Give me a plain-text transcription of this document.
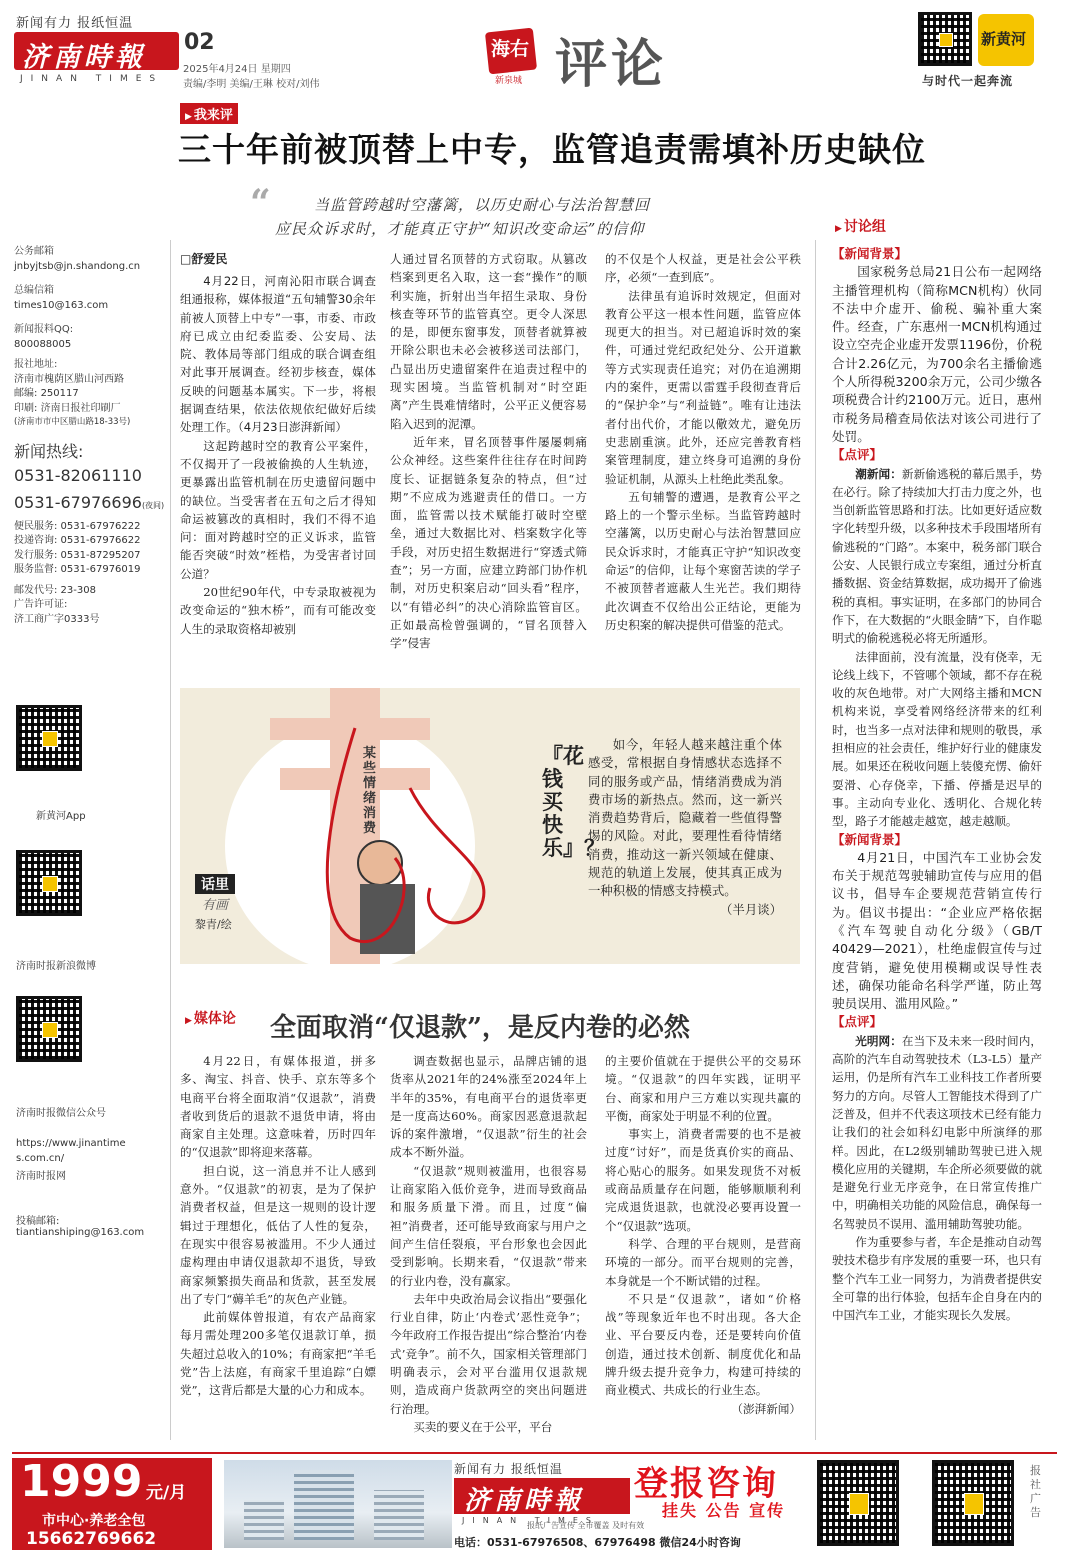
新闻有力 报纸恒温
济南時報
JINAN TIMES
02
2025年4月24日 星期四
责编/李明 美编/王琳 校对/刘伟
海右
新泉城 评论	新黄河
与时代一起奔流
▶ 我来评
三十年前被顶替上中专，监管追责需填补历史缺位
“	当监管跨越时空藩篱，以历史耐心与法治智慧回
应民众诉求时，才能真正守护“知识改变命运”的信仰
公务邮箱
jnbyjtsb@jn.shandong.cn
总编信箱
times10@163.com
新闻报料QQ:
800088005
报社地址:
济南市槐荫区腊山河西路
邮编: 250117
印刷: 济南日报社印刷厂
(济南市市中区腊山路18-33号)
新闻热线:
0531-82061110
0531-67976696(夜间)
便民服务: 0531-67976222
投递咨询: 0531-67976622
发行服务: 0531-87295207
服务监督: 0531-67976019
邮发代号: 23-308
广告许可证:
济工商广字0333号
新黄河App
济南时报新浪微博
济南时报微信公众号
https://www.jinantimes.com.cn/
济南时报网
投稿邮箱:
tiantianshiping@163.com
□舒爱民

4月22日，河南沁阳市联合调查组通报称，媒体报道“五旬辅警30余年前被人顶替上中专”一事，市委、市政府已成立由纪委监委、公安局、法院、教体局等部门组成的联合调查组对此事开展调查。经初步核查，媒体反映的问题基本属实。下一步，将根据调查结果，依法依规依纪做好后续处理工作。（4月23日澎湃新闻）

这起跨越时空的教育公平案件，不仅揭开了一段被偷换的人生轨迹，更暴露出监管机制在历史遗留问题中的缺位。当受害者在五旬之后才得知命运被篡改的真相时，我们不得不追问：面对跨越时空的正义诉求，监管能否突破“时效”桎梏，为受害者讨回公道？

20世纪90年代，中专录取被视为改变命运的“独木桥”，而有可能改变人生的录取资格却被别

人通过冒名顶替的方式窃取。从篡改档案到更名入取，这一套“操作”的顺利实施，折射出当年招生录取、身份核查等环节的监管真空。更令人深思的是，即便东窗事发，顶替者就算被开除公职也未必会被移送司法部门，凸显出历史遗留案件在追责过程中的现实困境。当监管机制对“时空距离”产生畏难情绪时，公平正义便容易陷入迟到的泥潭。

近年来，冒名顶替事件屡屡刺痛公众神经。这些案件往往存在时间跨度长、证据链条复杂的特点，但“过期”不应成为逃避责任的借口。一方面，监管需以技术赋能打破时空壁垒，通过大数据比对、档案数字化等手段，对历史招生数据进行“穿透式筛查”；另一方面，应建立跨部门协作机制，对历史积案启动“回头看”程序，以“有错必纠”的决心消除监管盲区。正如最高检曾强调的，“冒名顶替入学”侵害

的不仅是个人权益，更是社会公平秩序，必须“一查到底”。

法律虽有追诉时效规定，但面对教育公平这一根本性问题，监管应体现更大的担当。对已超追诉时效的案件，可通过党纪政纪处分、公开道歉等方式实现责任追究；对仍在追溯期内的案件，更需以雷霆手段彻查背后的“保护伞”与“利益链”。唯有让违法者付出代价，才能以儆效尤，避免历史悲剧重演。此外，还应完善教育档案管理制度，建立终身可追溯的身份验证机制，从源头上杜绝此类乱象。

五旬辅警的遭遇，是教育公平之路上的一个警示坐标。当监管跨越时空藩篱，以历史耐心与法治智慧回应民众诉求时，才能真正守护“知识改变命运”的信仰，让每个寒窗苦读的学子不被顶替者遮蔽人生光芒。我们期待此次调查不仅给出公正结论，更能为历史积案的解决提供可借鉴的范式。

某些情绪消费
话里
有画
黎青/绘
『花钱买快乐』？
如今，年轻人越来越注重个体感受，常根据自身情感状态选择不同的服务或产品，情绪消费成为消费市场的新热点。然而，这一新兴消费趋势背后，隐藏着一些值得警惕的风险。对此，要理性看待情绪消费，推动这一新兴领域在健康、规范的轨道上发展，使其真正成为一种积极的情感支持模式。
（半月谈）
▶ 媒体论 全面取消“仅退款”，是反内卷的必然

4月22日，有媒体报道，拼多多、淘宝、抖音、快手、京东等多个电商平台将全面取消“仅退款”，消费者收到货后的退款不退货申请，将由商家自主处理。这意味着，历时四年的“仅退款”即将迎来落幕。

担白说，这一消息并不让人感到意外。“仅退款”的初衷，是为了保护消费者权益，但是这一规则的设计逻辑过于理想化，低估了人性的复杂，在现实中很容易被滥用。不少人通过虚构理由申请仅退款却不退货，导致商家频繁损失商品和货款，甚至发展出了专门“薅羊毛”的灰色产业链。

此前媒体曾报道，有农产品商家每月需处理200多笔仅退款订单，损失超过总收入的10%；有商家把“羊毛党”告上法庭，有商家千里追踪“白嫖党”，这背后都是大量的心力和成本。

调查数据也显示，品牌店铺的退货率从2021年的24%涨至2024年上半年的35%，有电商平台的退货率更是一度高达60%。商家因恶意退款起诉的案件激增，“仅退款”衍生的社会成本不断外溢。

“仅退款”规则被滥用，也很容易让商家陷入低价竞争，进而导致商品和服务质量下滑。而且，过度“偏袒”消费者，还可能导致商家与用户之间产生信任裂痕，平台形象也会因此受到影响。长期来看，“仅退款”带来的行业内卷，没有赢家。

去年中央政治局会议指出“要强化行业自律，防止‘内卷式’恶性竞争”；今年政府工作报告提出“综合整治‘内卷式’竞争”。前不久，国家相关管理部门明确表示，会对平台滥用仅退款规则，造成商户货款两空的突出问题进行治理。

买卖的要义在于公平，平台

的主要价值就在于提供公平的交易环境。“仅退款”的四年实践，证明平台、商家和用户三方难以实现共赢的平衡，商家处于明显不利的位置。

事实上，消费者需要的也不是被过度“讨好”，而是货真价实的商品、将心贴心的服务。如果发现货不对板或商品质量存在问题，能够顺顺利利完成退货退款，也就没必要再设置一个“仅退款”选项。

科学、合理的平台规则，是营商环境的一部分。而平台规则的完善，本身就是一个不断试错的过程。

不只是“仅退款”，诸如“价格战”等现象近年也不时出现。各大企业、平台要反内卷，还是要转向价值创造，通过技术创新、制度优化和品牌升级去提升竞争力，构建可持续的商业模式、共成长的行业生态。

（澎湃新闻）

▶ 讨论组
【新闻背景】

国家税务总局21日公布一起网络主播管理机构（简称MCN机构）伙同不法中介虚开、偷税、骗补重大案件。经查，广东惠州一MCN机构通过设立空壳企业虚开发票1196份，价税合计2.26亿元，为700余名主播偷逃个人所得税3200余万元，公司少缴各项税费合计约2100万元。近日，惠州市税务局稽查局依法对该公司进行了处罚。

【点评】

潮新闻：新新偷逃税的幕后黑手，势在必行。除了持续加大打击力度之外，也当创新监管思路和打法。比如更好适应数字化转型升级，以多种技术手段围堵所有偷逃税的“门路”。本案中，税务部门联合公安、人民银行成立专案组，通过分析直播数据、资金结算数据，成功揭开了偷逃税的真相。事实证明，在多部门的协同合作下，在大数据的“火眼金睛”下，自作聪明式的偷税逃税必将无所遁形。

法律面前，没有流量，没有侥幸，无论线上线下，不管哪个领域，都不存在税收的灰色地带。对广大网络主播和MCN机构来说，享受着网络经济带来的红利时，也当多一点对法律和规则的敬畏，承担相应的社会责任，维护好行业的健康发展。如果还在税收问题上装傻充愣、偷奸耍滑、心存侥幸，下播、停播是迟早的事。主动向专业化、透明化、合规化转型，路子才能越走越宽，越走越顺。

【新闻背景】

4月21日，中国汽车工业协会发布关于规范驾驶辅助宣传与应用的倡议书，倡导车企要规范营销宣传行为。倡议书提出：“企业应严格依据《汽车驾驶自动化分级》（GB/T 40429—2021），杜绝虚假宣传与过度营销，避免使用模糊或误导性表述，确保功能命名科学严谨，防止驾驶员误用、滥用风险。”

【点评】

光明网：在当下及未来一段时间内，高阶的汽车自动驾驶技术（L3-L5）量产运用，仍是所有汽车工业科技工作者所要努力的方向。尽管人工智能技术得到了广泛普及，但并不代表这项技术已经有能力让我们的社会如科幻电影中所演绎的那样。因此，在L2级别辅助驾驶已进入规模化应用的关键期，车企所必须要做的就是避免行业无序竞争，在日常宣传推广中，明确相关功能的风险信息，确保每一名驾驶员不误用、滥用辅助驾驶功能。

作为重要参与者，车企是推动自动驾驶技术稳步有序发展的重要一环，也只有整个汽车工业一同努力，为消费者提供安全可靠的出行体验，包括车企自身在内的中国汽车工业，才能实现长久发展。

1999 元/月
市中心·养老全包
15662769662
新闻有力 报纸恒温
济南時報
JINAN TIMES
登报咨询
挂失 公告 宣传
报纸广告宣传 全市覆盖 及时有效
电话：0531-67976508、67976498 微信24小时咨询
报社广告
